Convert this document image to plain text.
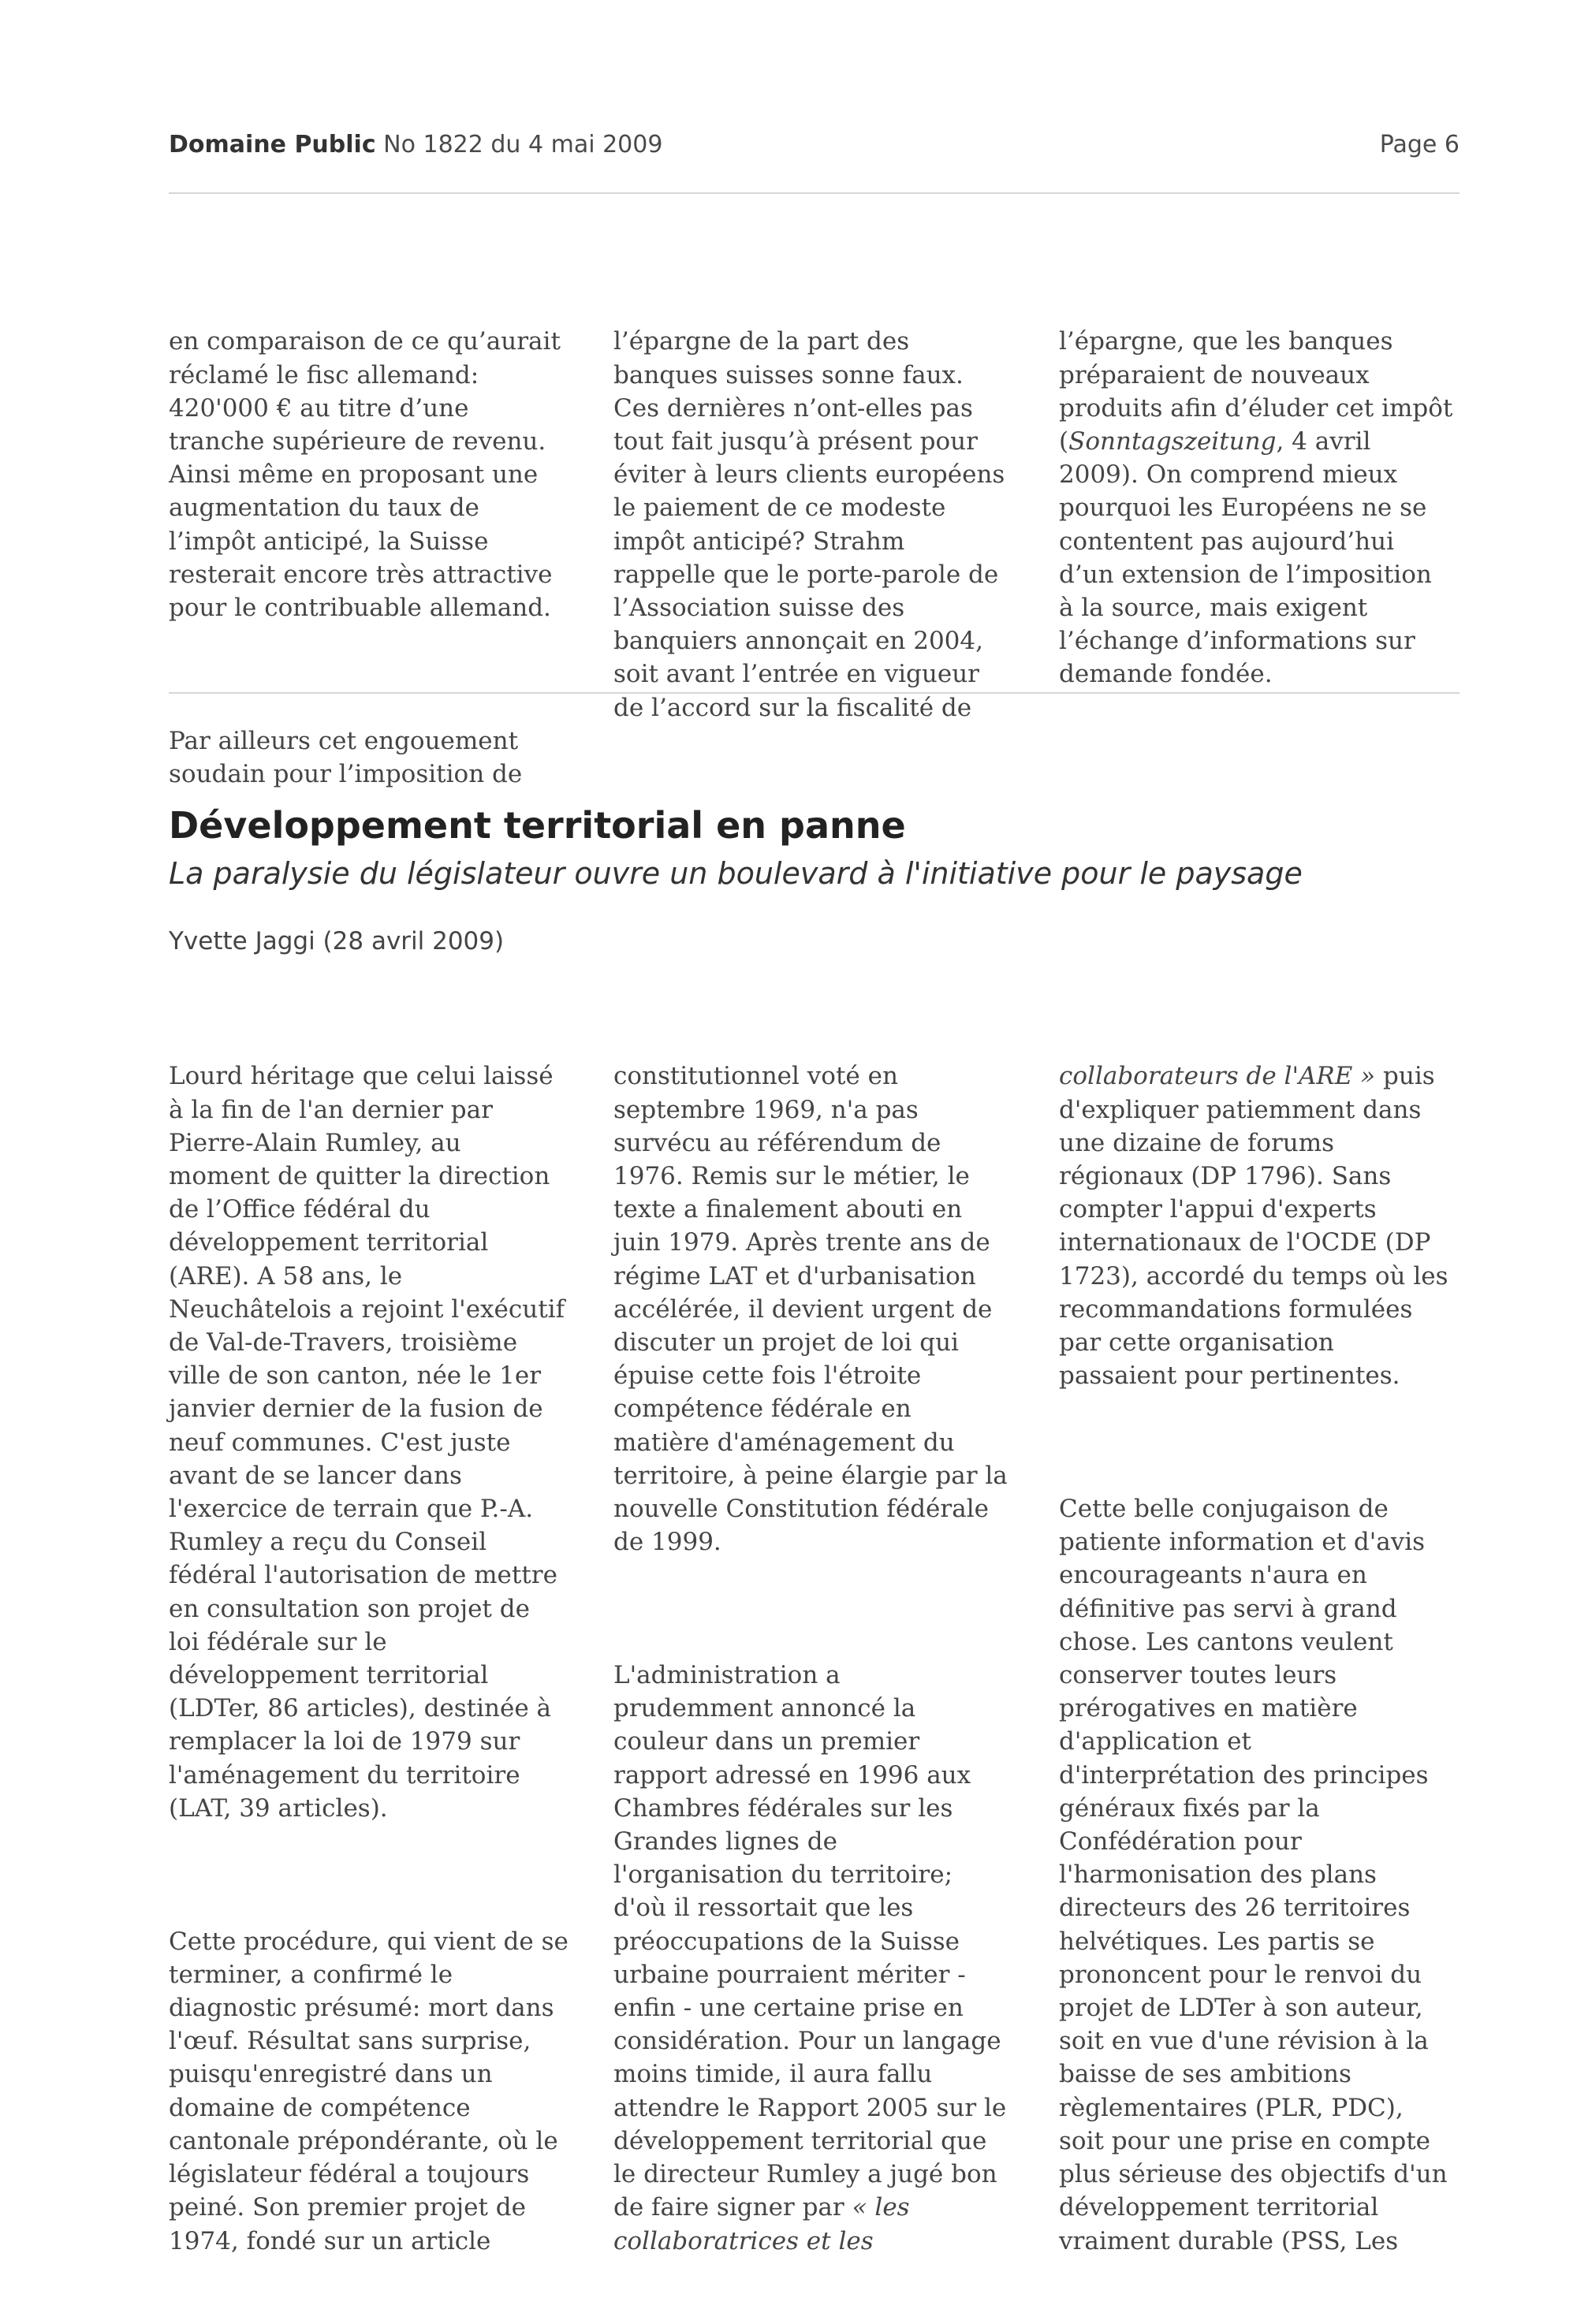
Domaine Public No 1822 du 4 mai 2009	Page 6

en comparaison de ce qu’aurait
réclamé le fisc allemand:
420'000 € au titre d’une
tranche supérieure de revenu.
Ainsi même en proposant une
augmentation du taux de
l’impôt anticipé, la Suisse
resterait encore très attractive
pour le contribuable allemand.

Par ailleurs cet engouement
soudain pour l’imposition de

l’épargne de la part des
banques suisses sonne faux.
Ces dernières n’ont-elles pas
tout fait jusqu’à présent pour
éviter à leurs clients européens
le paiement de ce modeste
impôt anticipé? Strahm
rappelle que le porte-parole de
l’Association suisse des
banquiers annonçait en 2004,
soit avant l’entrée en vigueur
de l’accord sur la fiscalité de

l’épargne, que les banques
préparaient de nouveaux
produits afin d’éluder cet impôt
(Sonntagszeitung, 4 avril
2009). On comprend mieux
pourquoi les Européens ne se
contentent pas aujourd’hui
d’un extension de l’imposition
à la source, mais exigent
l’échange d’informations sur
demande fondée.

Développement territorial en panne
La paralysie du législateur ouvre un boulevard à l'initiative pour le paysage
Yvette Jaggi (28 avril 2009)

Lourd héritage que celui laissé
à la fin de l'an dernier par
Pierre-Alain Rumley, au
moment de quitter la direction
de l’Office fédéral du
développement territorial
(ARE). A 58 ans, le
Neuchâtelois a rejoint l'exécutif
de Val-de-Travers, troisième
ville de son canton, née le 1er
janvier dernier de la fusion de
neuf communes. C'est juste
avant de se lancer dans
l'exercice de terrain que P.-A.
Rumley a reçu du Conseil
fédéral l'autorisation de mettre
en consultation son projet de
loi fédérale sur le
développement territorial
(LDTer, 86 articles), destinée à
remplacer la loi de 1979 sur
l'aménagement du territoire
(LAT, 39 articles).

Cette procédure, qui vient de se
terminer, a confirmé le
diagnostic présumé: mort dans
l'œuf. Résultat sans surprise,
puisqu'enregistré dans un
domaine de compétence
cantonale prépondérante, où le
législateur fédéral a toujours
peiné. Son premier projet de
1974, fondé sur un article

constitutionnel voté en
septembre 1969, n'a pas
survécu au référendum de
1976. Remis sur le métier, le
texte a finalement abouti en
juin 1979. Après trente ans de
régime LAT et d'urbanisation
accélérée, il devient urgent de
discuter un projet de loi qui
épuise cette fois l'étroite
compétence fédérale en
matière d'aménagement du
territoire, à peine élargie par la
nouvelle Constitution fédérale
de 1999.

L'administration a
prudemment annoncé la
couleur dans un premier
rapport adressé en 1996 aux
Chambres fédérales sur les
Grandes lignes de
l'organisation du territoire;
d'où il ressortait que les
préoccupations de la Suisse
urbaine pourraient mériter -
enfin - une certaine prise en
considération. Pour un langage
moins timide, il aura fallu
attendre le Rapport 2005 sur le
développement territorial que
le directeur Rumley a jugé bon
de faire signer par « les
collaboratrices et les

collaborateurs de l'ARE » puis
d'expliquer patiemment dans
une dizaine de forums
régionaux (DP 1796). Sans
compter l'appui d'experts
internationaux de l'OCDE (DP
1723), accordé du temps où les
recommandations formulées
par cette organisation
passaient pour pertinentes.

Cette belle conjugaison de
patiente information et d'avis
encourageants n'aura en
définitive pas servi à grand
chose. Les cantons veulent
conserver toutes leurs
prérogatives en matière
d'application et
d'interprétation des principes
généraux fixés par la
Confédération pour
l'harmonisation des plans
directeurs des 26 territoires
helvétiques. Les partis se
prononcent pour le renvoi du
projet de LDTer à son auteur,
soit en vue d'une révision à la
baisse de ses ambitions
règlementaires (PLR, PDC),
soit pour une prise en compte
plus sérieuse des objectifs d'un
développement territorial
vraiment durable (PSS, Les
